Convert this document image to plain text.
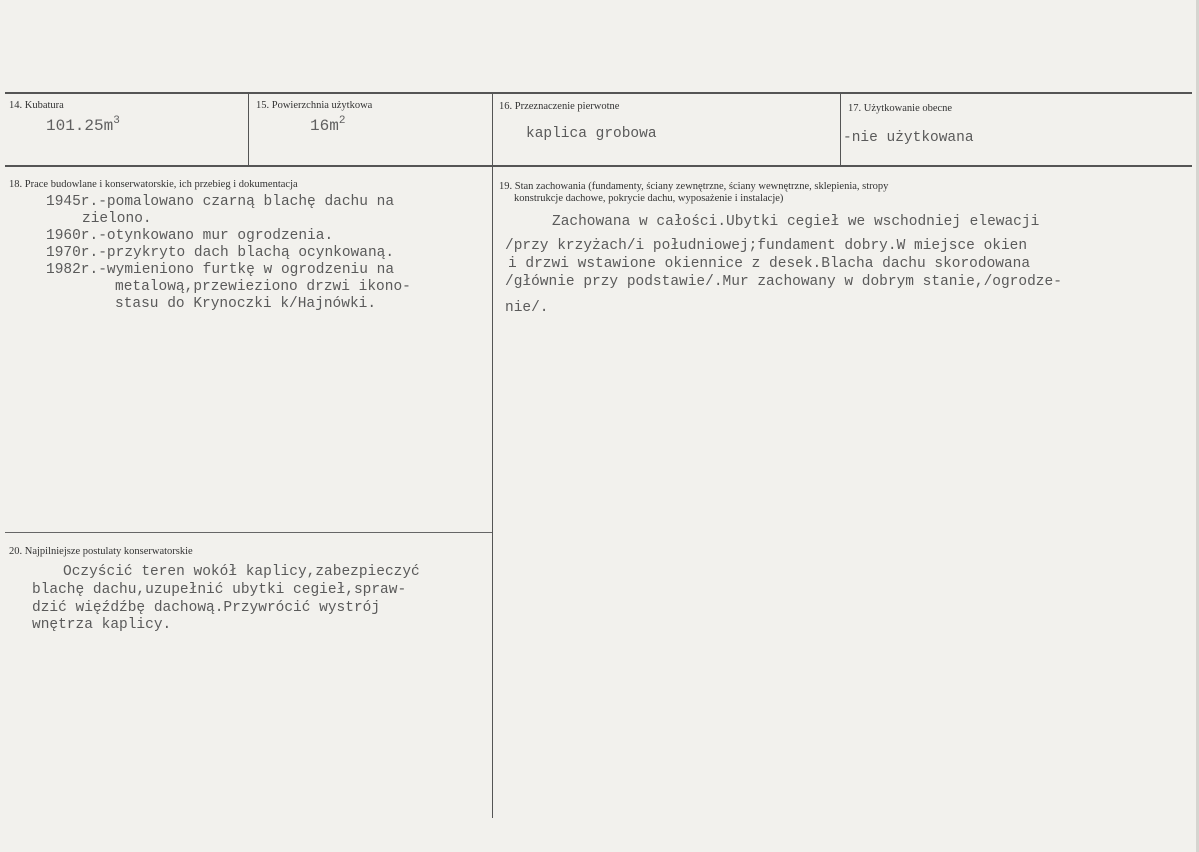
14. Kubatura
$101.25m^3$
15. Powierzchnia użytkowa
$16m^2$
16. Przeznaczenie pierwotne
kaplica grobowa
17. Użytkowanie obecne
-nie użytkowana
18. Prace budowlane i konserwatorskie, ich przebieg i dokumentacja
1945r.-pomalowano czarną blachę dachu na
zielono.
1960r.-otynkowano mur ogrodzenia.
1970r.-przykryto dach blachą ocynkowaną.
1982r.-wymieniono furtkę w ogrodzeniu na
metalową,przewieziono drzwi ikono-
stasu do Krynoczki k/Hajnówki.
19. Stan zachowania (fundamenty, ściany zewnętrzne, ściany wewnętrzne, sklepienia, stropy
konstrukcje dachowe, pokrycie dachu, wyposażenie i instalacje)
Zachowana w całości.Ubytki cegieł we wschodniej elewacji
/przy krzyżach/i południowej;fundament dobry.W miejsce okien
i drzwi wstawione okiennice z desek.Blacha dachu skorodowana
/głównie przy podstawie/.Mur zachowany w dobrym stanie,/ogrodze-
nie/.
20. Najpilniejsze postulaty konserwatorskie
Oczyścić teren wokół kaplicy,zabezpieczyć
blachę dachu,uzupełnić ubytki cegieł,spraw-
dzić więźdźbę dachową.Przywrócić wystrój
wnętrza kaplicy.
